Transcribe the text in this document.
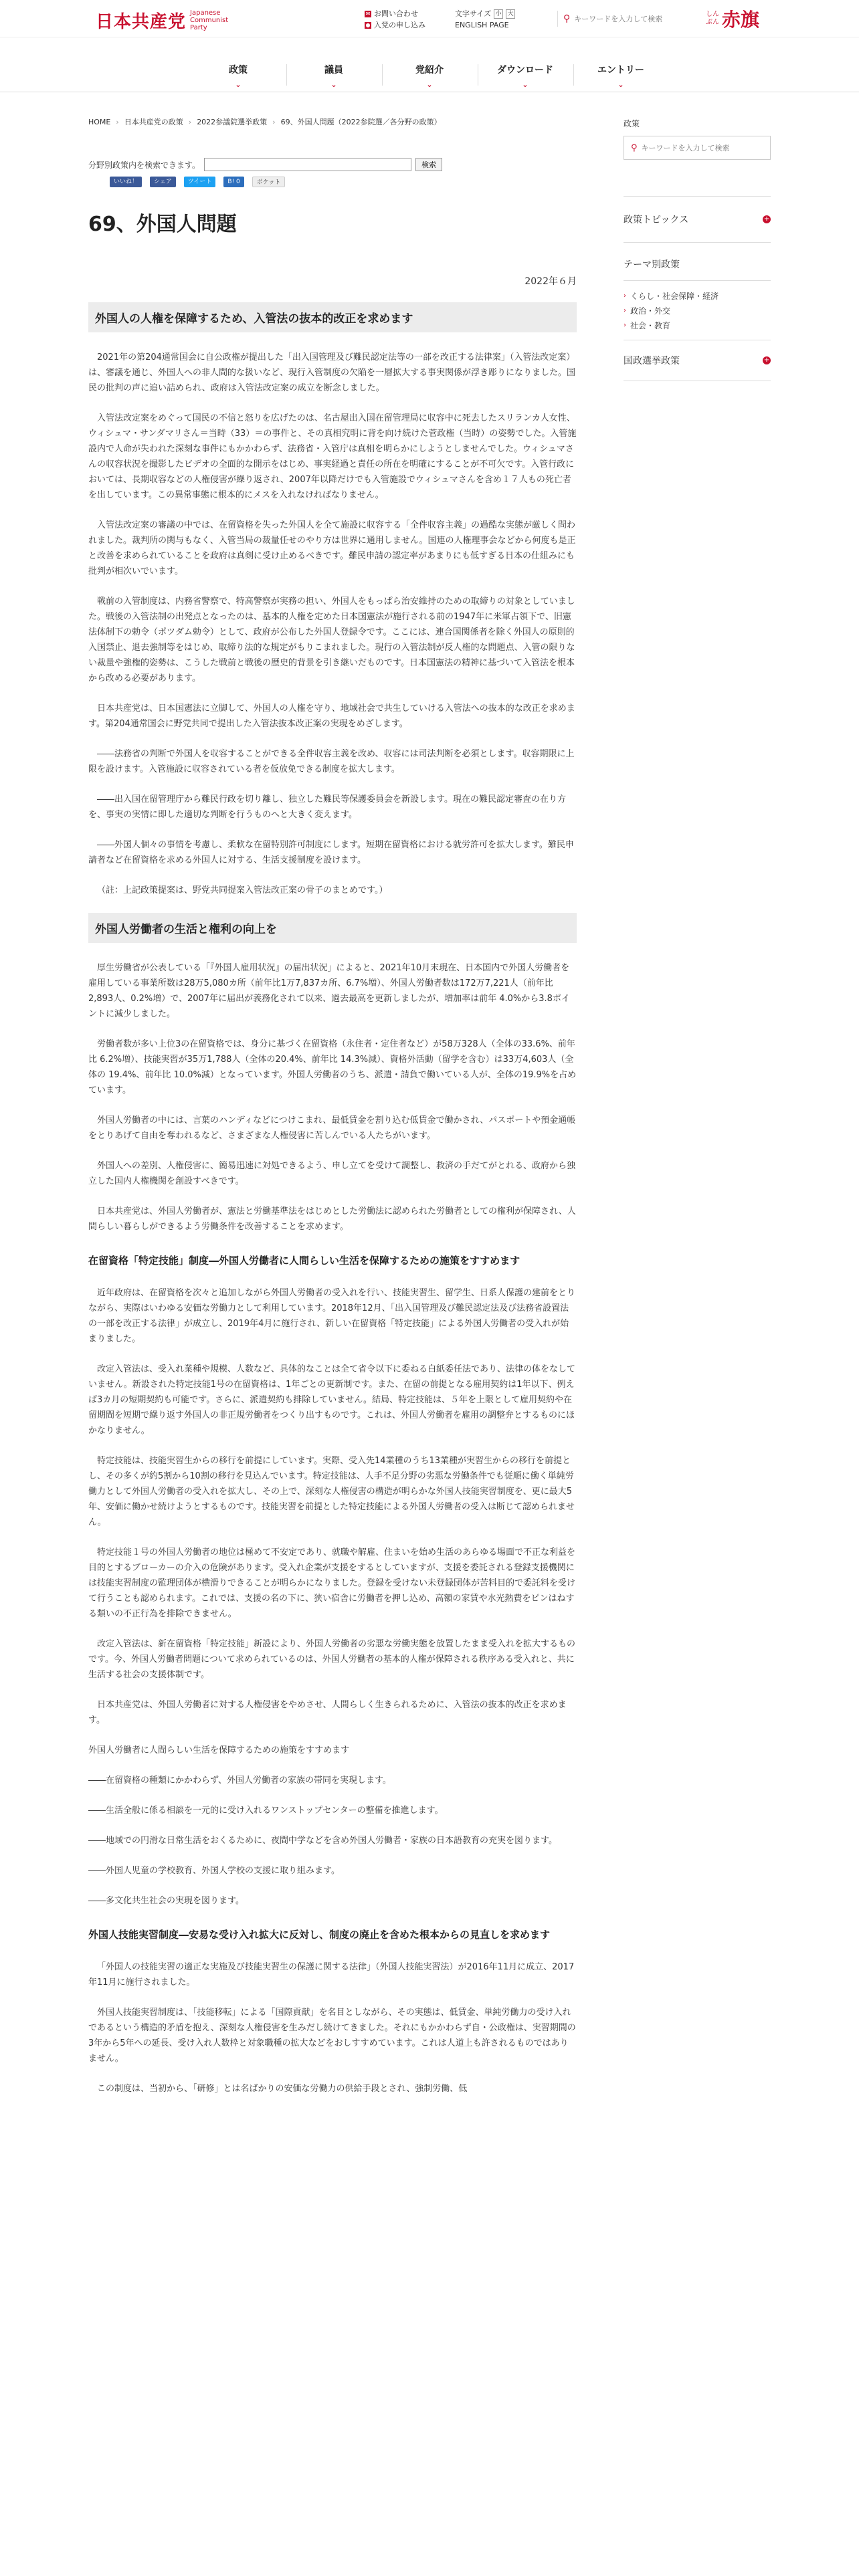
日本共産党 Japanese Communist Party
✉ お問い合わせ
● 入党の申し込み
文字サイズ 小 大
ENGLISH PAGE
⚲
キーワードを入力して検索	しんぶん 赤旗
政策
⌄
議員
⌄
党紹介
⌄
ダウンロード
⌄
エントリー
⌄
HOME › 日本共産党の政策 › 2022参議院選挙政策 › 69、外国人問題（2022参院選／各分野の政策）
分野別政策内を検索できます。	検索
いいね！	シェア	ツイート	B! 0	ポケット
69、外国人問題
2022年６月
外国人の人権を保障するため、入管法の抜本的改正を求めます

2021年の第204通常国会に自公政権が提出した「出入国管理及び難民認定法等の一部を改正する法律案」（入管法改定案）は、審議を通じ、外国人への非人間的な扱いなど、現行入管制度の欠陥を一層拡大する事実関係が浮き彫りになりました。国民の批判の声に追い詰められ、政府は入管法改定案の成立を断念しました。

入管法改定案をめぐって国民の不信と怒りを広げたのは、名古屋出入国在留管理局に収容中に死去したスリランカ人女性、ウィシュマ・サンダマリさん＝当時（33）＝の事件と、その真相究明に背を向け続けた菅政権（当時）の姿勢でした。入管施設内で人命が失われた深刻な事件にもかかわらず、法務省・入管庁は真相を明らかにしようとしませんでした。ウィシュマさんの収容状況を撮影したビデオの全面的な開示をはじめ、事実経過と責任の所在を明確にすることが不可欠です。入管行政においては、長期収容などの人権侵害が繰り返され、2007年以降だけでも入管施設でウィシュマさんを含め１７人もの死亡者を出しています。この異常事態に根本的にメスを入れなければなりません。

入管法改定案の審議の中では、在留資格を失った外国人を全て施設に収容する「全件収容主義」の過酷な実態が厳しく問われました。裁判所の関与もなく、入管当局の裁量任せのやり方は世界に通用しません。国連の人権理事会などから何度も是正と改善を求められていることを政府は真剣に受け止めるべきです。難民申請の認定率があまりにも低すぎる日本の仕組みにも批判が相次いでいます。

戦前の入管制度は、内務省警察で、特高警察が実務の担い、外国人をもっぱら治安維持のための取締りの対象としていました。戦後の入管法制の出発点となったのは、基本的人権を定めた日本国憲法が施行される前の1947年に米軍占領下で、旧憲法体制下の勅令（ポツダム勅令）として、政府が公布した外国人登録令です。ここには、連合国関係者を除く外国人の原則的入国禁止、退去強制等をはじめ、取締り法的な規定がもりこまれました。現行の入管法制が反人権的な問題点、入管の限りない裁量や強権的姿勢は、こうした戦前と戦後の歴史的背景を引き継いだものです。日本国憲法の精神に基づいて入管法を根本から改める必要があります。

日本共産党は、日本国憲法に立脚して、外国人の人権を守り、地域社会で共生していける入管法への抜本的な改正を求めます。第204通常国会に野党共同で提出した入管法抜本改正案の実現をめざします。

――法務省の判断で外国人を収容することができる全件収容主義を改め、収容には司法判断を必須とします。収容期限に上限を設けます。入管施設に収容されている者を仮放免できる制度を拡大します。

――出入国在留管理庁から難民行政を切り離し、独立した難民等保護委員会を新設します。現在の難民認定審査の在り方を、事実の実情に即した適切な判断を行うものへと大きく変えます。

――外国人個々の事情を考慮し、柔軟な在留特別許可制度にします。短期在留資格における就労許可を拡大します。難民申請者など在留資格を求める外国人に対する、生活支援制度を設けます。

（註：上記政策提案は、野党共同提案入管法改正案の骨子のまとめです。）

外国人労働者の生活と権利の向上を

厚生労働省が公表している「『外国人雇用状況』の届出状況」によると、2021年10月末現在、日本国内で外国人労働者を雇用している事業所数は28万5,080カ所（前年比1万7,837カ所、6.7%増）、外国人労働者数は172万7,221人（前年比2,893人、0.2%増）で、2007年に届出が義務化されて以来、過去最高を更新しましたが、増加率は前年 4.0%から3.8ポイントに減少しました。

労働者数が多い上位3の在留資格では、身分に基づく在留資格（永住者・定住者など）が58万328人（全体の33.6%、前年比 6.2%増）、技能実習が35万1,788人（全体の20.4%、前年比 14.3%減）、資格外活動（留学を含む）は33万4,603人（全体の 19.4%、前年比 10.0%減）となっています。外国人労働者のうち、派遣・請負で働いている人が、全体の19.9%を占めています。

外国人労働者の中には、言葉のハンディなどにつけこまれ、最低賃金を割り込む低賃金で働かされ、パスポートや預金通帳をとりあげて自由を奪われるなど、さまざまな人権侵害に苦しんでいる人たちがいます。

外国人への差別、人権侵害に、簡易迅速に対処できるよう、申し立てを受けて調整し、救済の手だてがとれる、政府から独立した国内人権機関を創設すべきです。

日本共産党は、外国人労働者が、憲法と労働基準法をはじめとした労働法に認められた労働者としての権利が保障され、人間らしい暮らしができるよう労働条件を改善することを求めます。

在留資格「特定技能」制度―外国人労働者に人間らしい生活を保障するための施策をすすめます

近年政府は、在留資格を次々と追加しながら外国人労働者の受入れを行い、技能実習生、留学生、日系人保護の建前をとりながら、実際はいわゆる安価な労働力として利用しています。2018年12月、「出入国管理及び難民認定法及び法務省設置法の一部を改正する法律」が成立し、2019年4月に施行され、新しい在留資格「特定技能」による外国人労働者の受入れが始まりました。

改定入管法は、受入れ業種や規模、人数など、具体的なことは全て省令以下に委ねる白紙委任法であり、法律の体をなしていません。新設された特定技能1号の在留資格は、1年ごとの更新制です。また、在留の前提となる雇用契約は1年以下、例えば3カ月の短期契約も可能です。さらに、派遣契約も排除していません。結局、特定技能は、５年を上限として雇用契約や在留期間を短期で繰り返す外国人の非正規労働者をつくり出すものです。これは、外国人労働者を雇用の調整弁とするものにほかなりません。

特定技能は、技能実習生からの移行を前提にしています。実際、受入先14業種のうち13業種が実習生からの移行を前提とし、その多くが約5割から10割の移行を見込んでいます。特定技能は、人手不足分野の劣悪な労働条件でも従順に働く単純労働力として外国人労働者の受入れを拡大し、その上で、深刻な人権侵害の構造が明らかな外国人技能実習制度を、更に最大5年、安価に働かせ続けようとするものです。技能実習を前提とした特定技能による外国人労働者の受入は断じて認められません。

特定技能１号の外国人労働者の地位は極めて不安定であり、就職や解雇、住まいを始め生活のあらゆる場面で不正な利益を目的とするブローカーの介入の危険があります。受入れ企業が支援をするとしていますが、支援を委託される登録支援機関には技能実習制度の監理団体が横滑りできることが明らかになりました。登録を受けない未登録団体が苦料目的で委託料を受けて行うことも認められます。これでは、支援の名の下に、狭い宿舎に労働者を押し込め、高額の家賃や水光熱費をピンはねする類いの不正行為を排除できません。

改定入管法は、新在留資格「特定技能」新設により、外国人労働者の劣悪な労働実態を放置したまま受入れを拡大するものです。今、外国人労働者問題について求められているのは、外国人労働者の基本的人権が保障される秩序ある受入れと、共に生活する社会の支援体制です。

日本共産党は、外国人労働者に対する人権侵害をやめさせ、人間らしく生きられるために、入管法の抜本的改正を求めます。

外国人労働者に人間らしい生活を保障するための施策をすすめます

――在留資格の種類にかかわらず、外国人労働者の家族の帯同を実現します。

――生活全般に係る相談を一元的に受け入れるワンストップセンターの整備を推進します。

――地域での円滑な日常生活をおくるために、夜間中学などを含め外国人労働者・家族の日本語教育の充実を図ります。

――外国人児童の学校教育、外国人学校の支援に取り組みます。

――多文化共生社会の実現を図ります。

外国人技能実習制度―安易な受け入れ拡大に反対し、制度の廃止を含めた根本からの見直しを求めます

「外国人の技能実習の適正な実施及び技能実習生の保護に関する法律」（外国人技能実習法）が2016年11月に成立、2017年11月に施行されました。

外国人技能実習制度は、「技能移転」による「国際貢献」を名目としながら、その実態は、低賃金、単純労働力の受け入れであるという構造的矛盾を抱え、深刻な人権侵害を生みだし続けてきました。それにもかかわらず自・公政権は、実習期間の3年から5年への延長、受け入れ人数枠と対象職種の拡大などをおしすすめています。これは人道上も許されるものではありません。

この制度は、当初から、「研修」とは名ばかりの安価な労働力の供給手段とされ、強制労働、低

政策
⚲
キーワードを入力して検索
政策トピックス	+
テーマ別政策
› くらし・社会保障・経済
› 政治・外交
› 社会・教育
国政選挙政策	+
